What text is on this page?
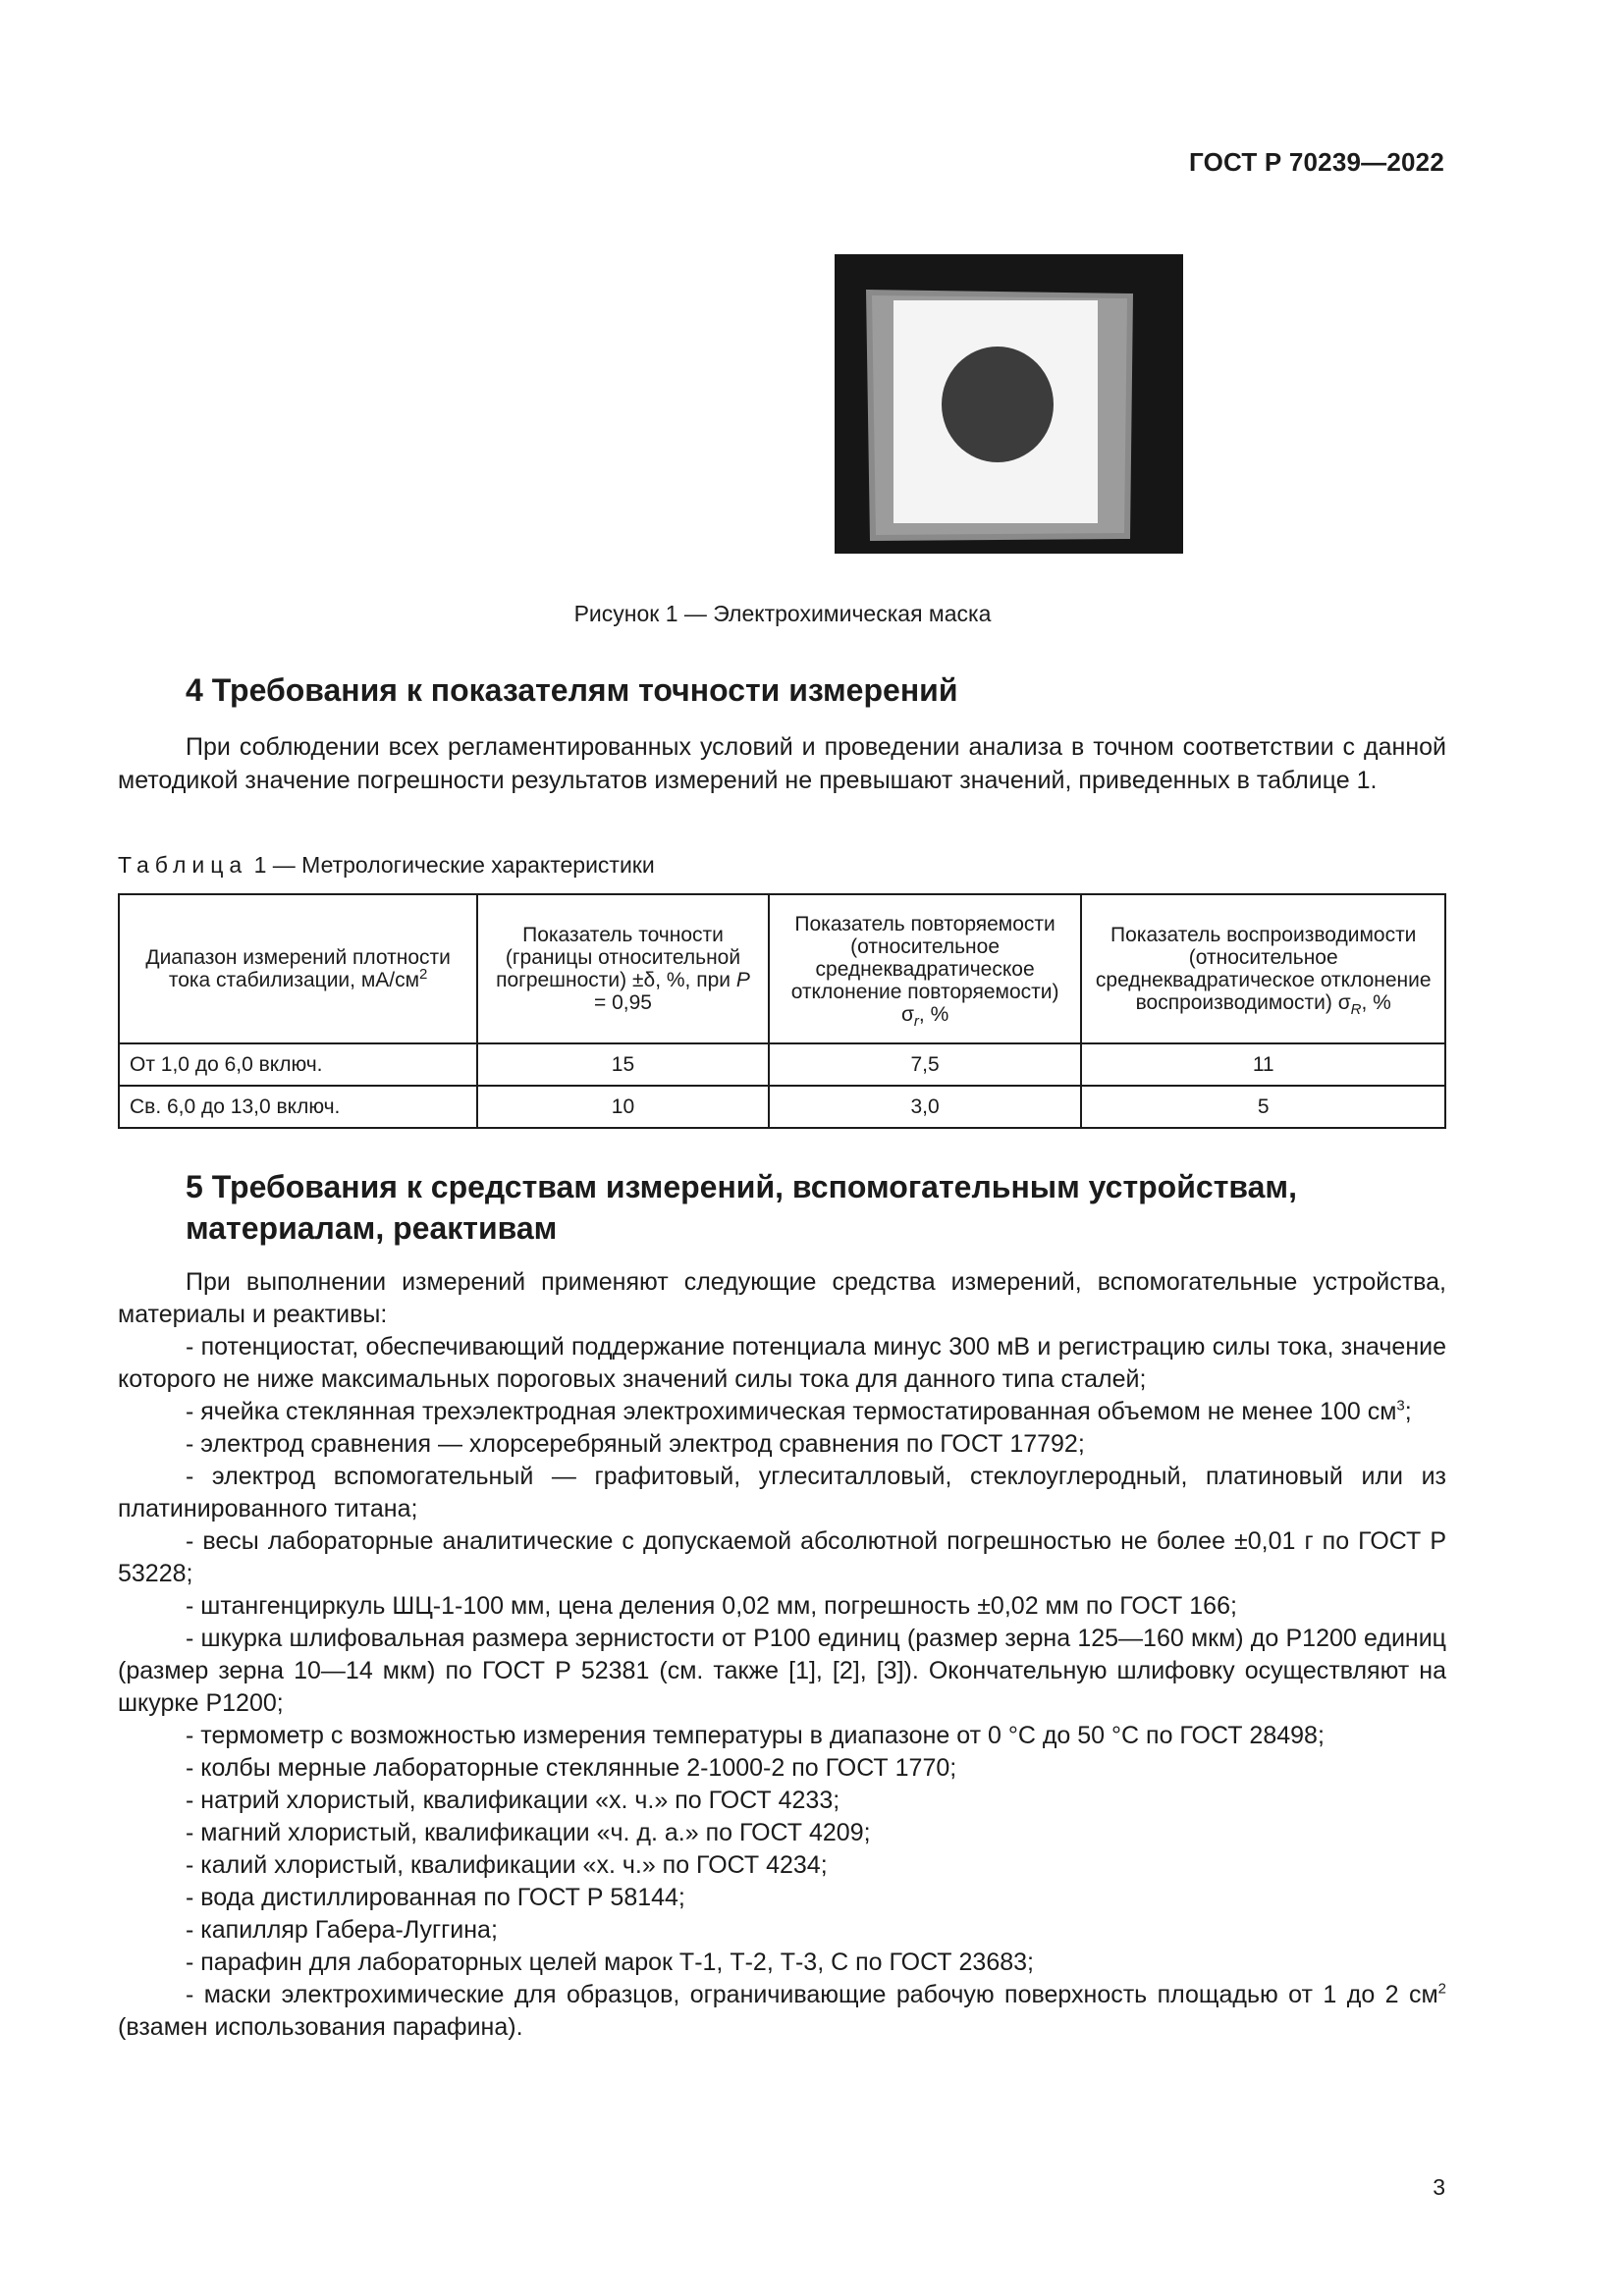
ГОСТ Р 70239—2022
Рисунок 1 — Электрохимическая маска
4 Требования к показателям точности измерений

При соблюдении всех регламентированных условий и проведении анализа в точном соответствии с данной методикой значение погрешности результатов измерений не превышают значений, приведенных в таблице 1.

Таблица 1 — Метрологические характеристики
Диапазон измерений плотности тока стабилизации, $мА/см^2$	Показатель точности (границы относительной погрешности) ±δ, %, при P = 0,95	Показатель повторяемости (относительное среднеквадратическое отклонение повторяемости) $\sigma_r$, %	Показатель воспроизводимости (относительное среднеквадратическое отклонение воспроизводимости) $\sigma_R$, %
От 1,0 до 6,0 включ.	15	7,5	11
Св. 6,0 до 13,0 включ.	10	3,0	5
5 Требования к средствам измерений, вспомогательным устройствам,
материалам, реактивам

При выполнении измерений применяют следующие средства измерений, вспомогательные устройства, материалы и реактивы:

- потенциостат, обеспечивающий поддержание потенциала минус 300 мВ и регистрацию силы тока, значение которого не ниже максимальных пороговых значений силы тока для данного типа сталей;

- ячейка стеклянная трехэлектродная электрохимическая термостатированная объемом не менее 100 $см^3$;

- электрод сравнения — хлорсеребряный электрод сравнения по ГОСТ 17792;

- электрод вспомогательный — графитовый, углеситалловый, стеклоуглеродный, платиновый или из платинированного титана;

- весы лабораторные аналитические с допускаемой абсолютной погрешностью не более ±0,01 г по ГОСТ Р 53228;

- штангенциркуль ШЦ-1-100 мм, цена деления 0,02 мм, погрешность ±0,02 мм по ГОСТ 166;

- шкурка шлифовальная размера зернистости от Р100 единиц (размер зерна 125—160 мкм) до Р1200 единиц (размер зерна 10—14 мкм) по ГОСТ Р 52381 (см. также [1], [2], [3]). Окончательную шлифовку осуществляют на шкурке Р1200;

- термометр с возможностью измерения температуры в диапазоне от 0 °С до 50 °С по ГОСТ 28498;

- колбы мерные лабораторные стеклянные 2-1000-2 по ГОСТ 1770;

- натрий хлористый, квалификации «х. ч.» по ГОСТ 4233;

- магний хлористый, квалификации «ч. д. а.» по ГОСТ 4209;

- калий хлористый, квалификации «х. ч.» по ГОСТ 4234;

- вода дистиллированная по ГОСТ Р 58144;

- капилляр Габера-Луггина;

- парафин для лабораторных целей марок Т-1, Т-2, Т-3, С по ГОСТ 23683;

- маски электрохимические для образцов, ограничивающие рабочую поверхность площадью от 1 до 2 $см^2$ (взамен использования парафина).

3
